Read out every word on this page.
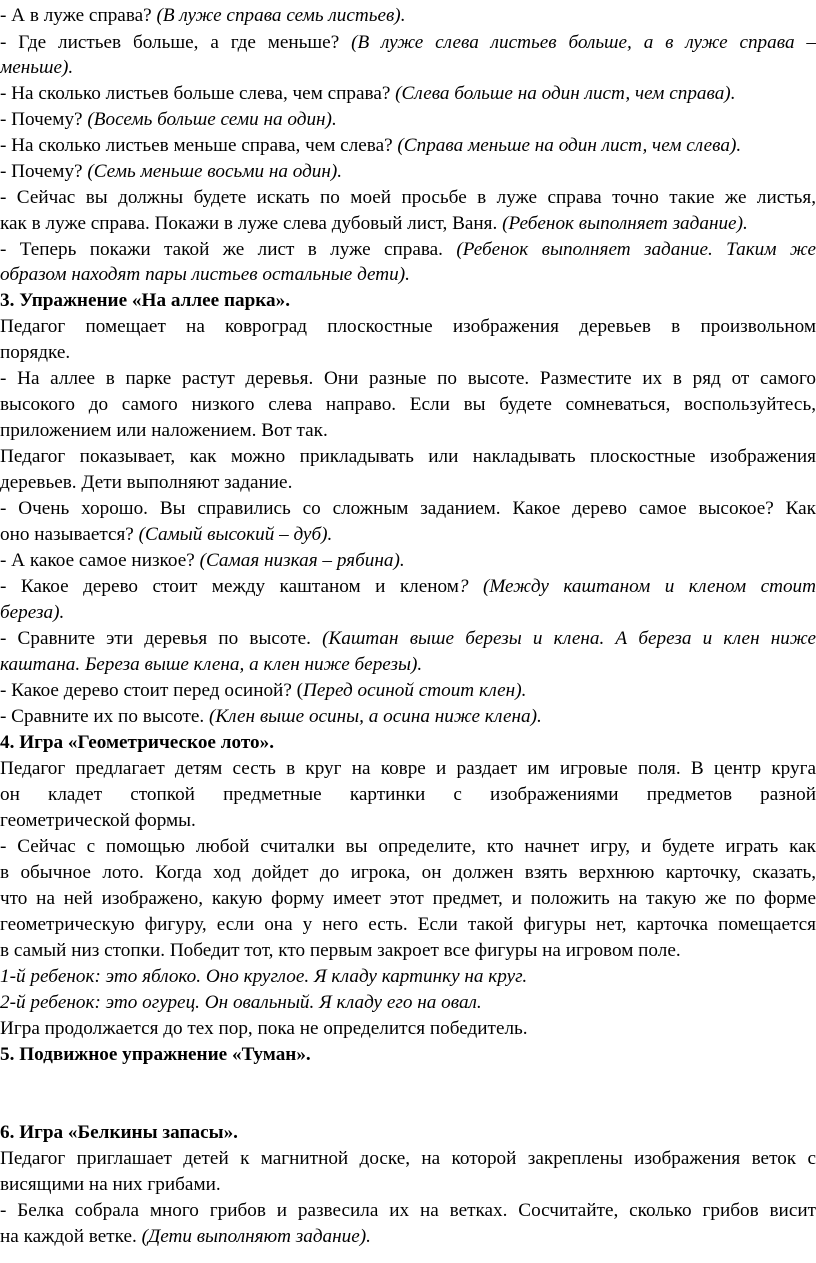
- А в луже справа? (В луже справа семь листьев).
- Где листьев больше, а где меньше? (В луже слева листьев больше, а в луже справа –
меньше).
- На сколько листьев больше слева, чем справа? (Слева больше на один лист, чем справа).
- Почему? (Восемь больше семи на один).
- На сколько листьев меньше справа, чем слева? (Справа меньше на один лист, чем слева).
- Почему? (Семь меньше восьми на один).
- Сейчас вы должны будете искать по моей просьбе в луже справа точно такие же листья,
как в луже справа. Покажи в луже слева дубовый лист, Ваня. (Ребенок выполняет задание).
- Теперь покажи такой же лист в луже справа. (Ребенок выполняет задание. Таким же
образом находят пары листьев остальные дети).
3. Упражнение «На аллее парка».
Педагог помещает на ковроград плоскостные изображения деревьев в произвольном
порядке.
- На аллее в парке растут деревья. Они разные по высоте. Разместите их в ряд от самого
высокого до самого низкого слева направо. Если вы будете сомневаться, воспользуйтесь,
приложением или наложением. Вот так.
Педагог показывает, как можно прикладывать или накладывать плоскостные изображения
деревьев. Дети выполняют задание.
- Очень хорошо. Вы справились со сложным заданием. Какое дерево самое высокое? Как
оно называется? (Самый высокий – дуб).
- А какое самое низкое? (Самая низкая – рябина).
- Какое дерево стоит между каштаном и кленом? (Между каштаном и кленом стоит
береза).
- Сравните эти деревья по высоте. (Каштан выше березы и клена. А береза и клен ниже
каштана. Береза выше клена, а клен ниже березы).
- Какое дерево стоит перед осиной? (Перед осиной стоит клен).
- Сравните их по высоте. (Клен выше осины, а осина ниже клена).
4. Игра «Геометрическое лото».
Педагог предлагает детям сесть в круг на ковре и раздает им игровые поля. В центр круга
он кладет стопкой предметные картинки с изображениями предметов разной
геометрической формы.
- Сейчас с помощью любой считалки вы определите, кто начнет игру, и будете играть как
в обычное лото. Когда ход дойдет до игрока, он должен взять верхнюю карточку, сказать,
что на ней изображено, какую форму имеет этот предмет, и положить на такую же по форме
геометрическую фигуру, если она у него есть. Если такой фигуры нет, карточка помещается
в самый низ стопки. Победит тот, кто первым закроет все фигуры на игровом поле.
1-й ребенок: это яблоко. Оно круглое. Я кладу картинку на круг.
2-й ребенок: это огурец. Он овальный. Я кладу его на овал.
Игра продолжается до тех пор, пока не определится победитель.
5. Подвижное упражнение «Туман».
6. Игра «Белкины запасы».
Педагог приглашает детей к магнитной доске, на которой закреплены изображения веток с
висящими на них грибами.
- Белка собрала много грибов и развесила их на ветках. Сосчитайте, сколько грибов висит
на каждой ветке. (Дети выполняют задание).
